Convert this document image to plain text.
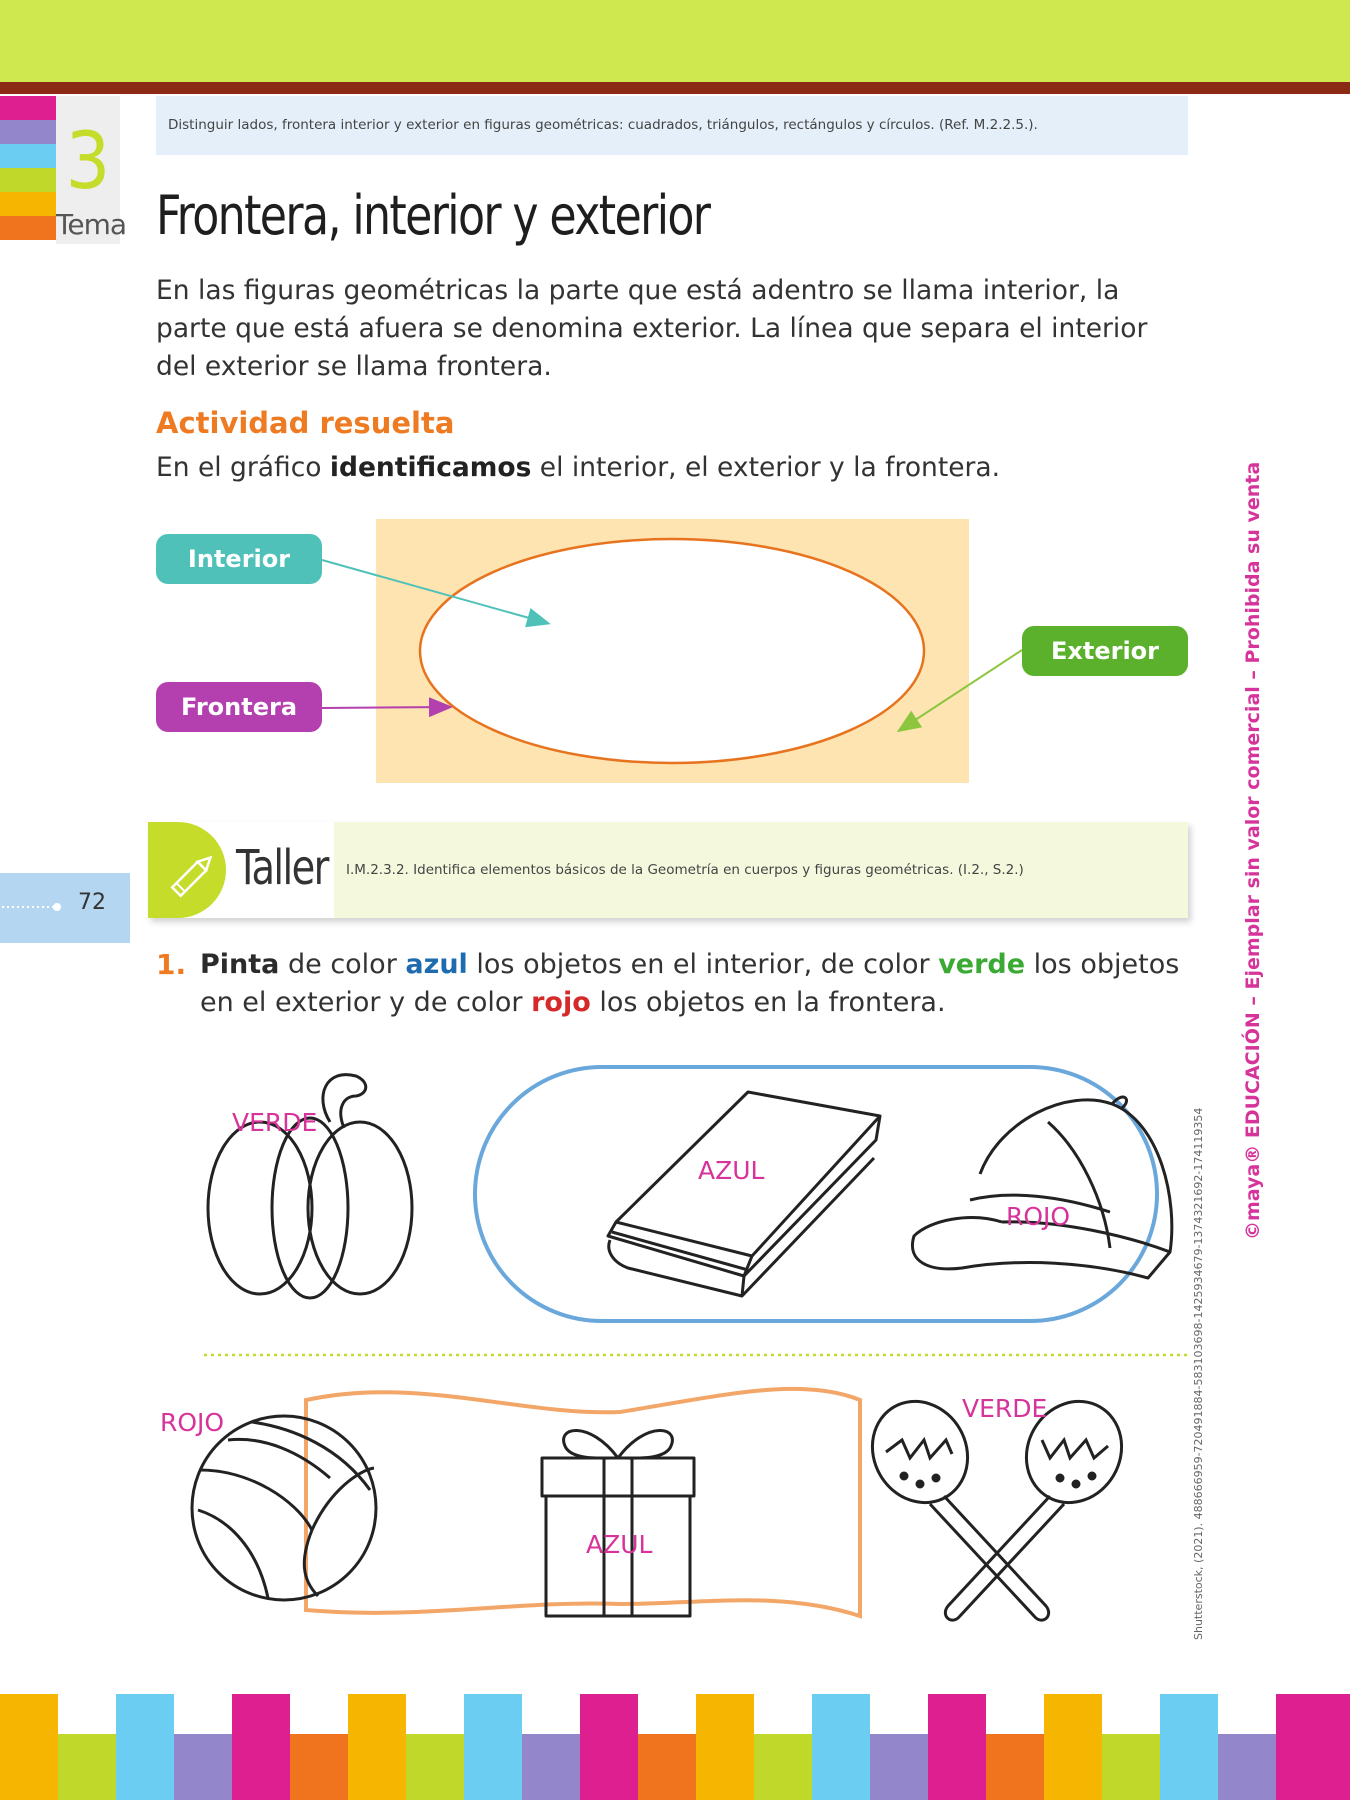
3
Tema
Distinguir lados, frontera interior y exterior en figuras geométricas: cuadrados, triángulos, rectángulos y círculos. (Ref. M.2.2.5.).
Frontera, interior y exterior
En las figuras geométricas la parte que está adentro se llama interior, la parte que está afuera se denomina exterior. La línea que separa el interior del exterior se llama frontera.
Actividad resuelta
En el gráfico identificamos el interior, el exterior y la frontera.
Interior
Frontera
Exterior
Taller I.M.2.3.2. Identifica elementos básicos de la Geometría en cuerpos y figuras geométricas. (I.2., S.2.)
72
1. Pinta de color azul los objetos en el interior, de color verde los objetos en el exterior y de color rojo los objetos en la frontera.
VERDE
AZUL
ROJO
ROJO
AZUL
VERDE
©maya® EDUCACIÓN – Ejemplar sin valor comercial – Prohibida su venta
Shutterstock, (2021). 488666959-720491884-583103698-1425934679-1374321692-174119354
